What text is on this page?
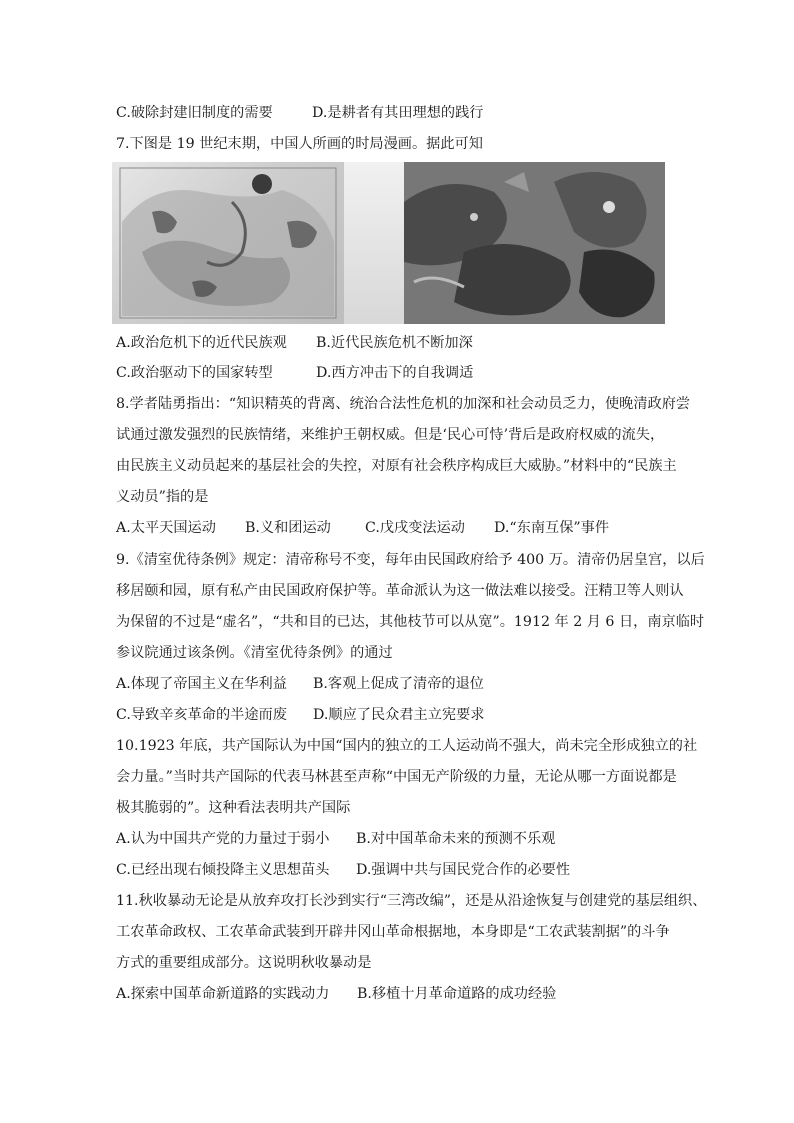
C.破除封建旧制度的需要	D.是耕者有其田理想的践行
7.下图是 19 世纪末期，中国人所画的时局漫画。据此可知
A.政治危机下的近代民族观 B.近代民族危机不断加深
C.政治驱动下的国家转型	D.西方冲击下的自我调适
8.学者陆勇指出：“知识精英的背离、统治合法性危机的加深和社会动员乏力，使晚清政府尝
试通过激发强烈的民族情绪，来维护王朝权威。但是‘民心可恃’背后是政府权威的流失，
由民族主义动员起来的基层社会的失控，对原有社会秩序构成巨大威胁。”材料中的“民族主
义动员”指的是
A.太平天国运动 B.义和团运动 C.戊戌变法运动 D.“东南互保”事件
9.《清室优待条例》规定：清帝称号不变，每年由民国政府给予 400 万。清帝仍居皇宫，以后
移居颐和园，原有私产由民国政府保护等。革命派认为这一做法难以接受。汪精卫等人则认
为保留的不过是“虚名”，“共和目的已达，其他枝节可以从宽”。1912 年 2 月 6 日，南京临时
参议院通过该条例。《清室优待条例》的通过
A.体现了帝国主义在华利益 B.客观上促成了清帝的退位
C.导致辛亥革命的半途而废 D.顺应了民众君主立宪要求
10.1923 年底，共产国际认为中国“国内的独立的工人运动尚不强大，尚未完全形成独立的社
会力量。”当时共产国际的代表马林甚至声称“中国无产阶级的力量，无论从哪一方面说都是
极其脆弱的”。这种看法表明共产国际
A.认为中国共产党的力量过于弱小 B.对中国革命未来的预测不乐观
C.已经出现右倾投降主义思想苗头 D.强调中共与国民党合作的必要性
11.秋收暴动无论是从放弃攻打长沙到实行“三湾改编”，还是从沿途恢复与创建党的基层组织、
工农革命政权、工农革命武装到开辟井冈山革命根据地，本身即是“工农武装割据”的斗争
方式的重要组成部分。这说明秋收暴动是
A.探索中国革命新道路的实践动力 B.移植十月革命道路的成功经验
